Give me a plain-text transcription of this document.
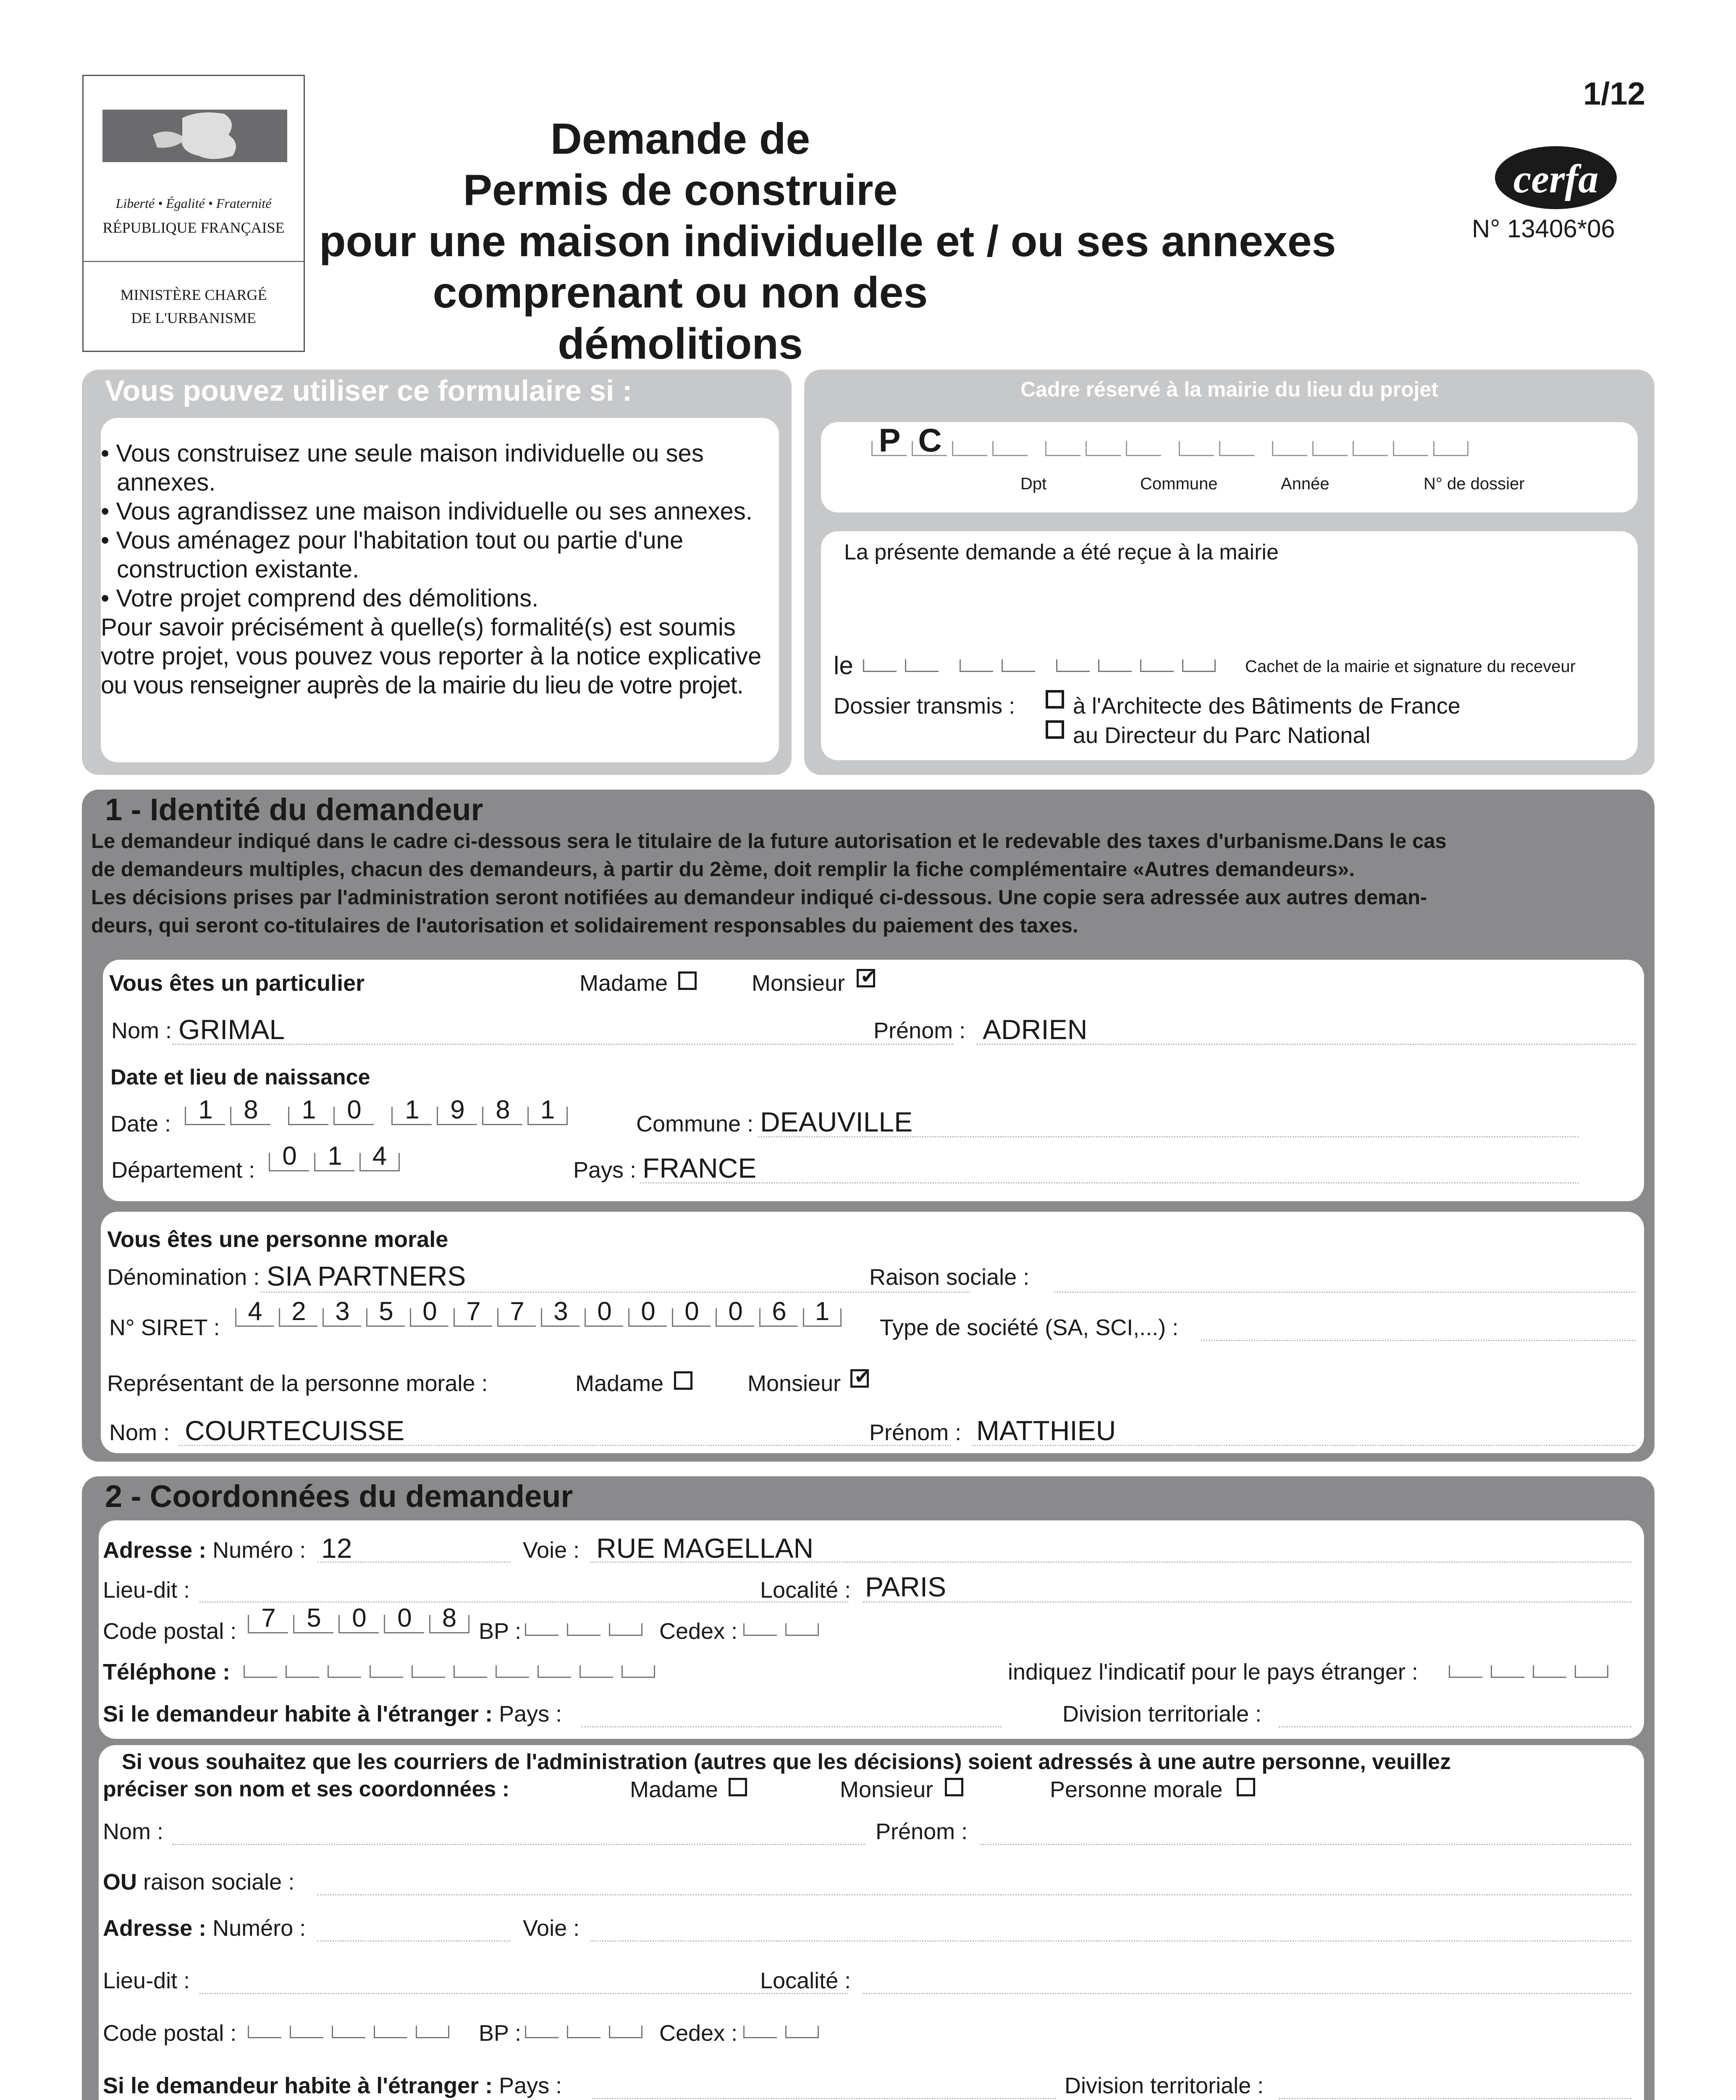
Liberté • Égalité • Fraternité
RÉPUBLIQUE FRANÇAISE
MINISTÈRE CHARGÉ
DE L'URBANISME
1/12
Demande de
Permis de construire
pour une maison individuelle et / ou ses annexes
comprenant ou non des démolitions
cerfa
N° 13406*06
Vous pouvez utiliser ce formulaire si :
• Vous construisez une seule maison individuelle ou ses
annexes.
• Vous agrandissez une maison individuelle ou ses annexes.
• Vous aménagez pour l'habitation tout ou partie d'une
construction existante.
• Votre projet comprend des démolitions.
Pour savoir précisément à quelle(s) formalité(s) est soumis
votre projet, vous pouvez vous reporter à la notice explicative
ou vous renseigner auprès de la mairie du lieu de votre projet.
Cadre réservé à la mairie du lieu du projet
P C
Dpt	Commune	Année	N° de dossier
La présente demande a été reçue à la mairie
le	Cachet de la mairie et signature du receveur
Dossier transmis :	à l'Architecte des Bâtiments de France
au Directeur du Parc National
1 - Identité du demandeur
Le demandeur indiqué dans le cadre ci-dessous sera le titulaire de la future autorisation et le redevable des taxes d'urbanisme.Dans le cas
de demandeurs multiples, chacun des demandeurs, à partir du 2ème, doit remplir la fiche complémentaire «Autres demandeurs».
Les décisions prises par l'administration seront notifiées au demandeur indiqué ci-dessous. Une copie sera adressée aux autres deman-
deurs, qui seront co-titulaires de l'autorisation et solidairement responsables du paiement des taxes.
Vous êtes un particulier	Madame	Monsieur ✔
Nom : GRIMAL	Prénom : ADRIEN
Date et lieu de naissance
Date :	1	8	1	0	1	9	8	1	Commune : DEAUVILLE
Département :	0	1	4	Pays : FRANCE
Vous êtes une personne morale
Dénomination : SIA PARTNERS	Raison sociale :
N° SIRET :
4	2	3	5	0	7	7	3	0	0	0	0	6	1
Type de société (SA, SCI,...) :
Représentant de la personne morale :	Madame	Monsieur ✔
Nom : COURTECUISSE	Prénom : MATTHIEU
2 - Coordonnées du demandeur
Adresse : Numéro : 12	Voie : RUE MAGELLAN
Lieu-dit :	Localité : PARIS
Code postal : 7	5	0	0	8 BP :	Cedex :
Téléphone :	indiquez l'indicatif pour le pays étranger :
Si le demandeur habite à l'étranger : Pays :	Division territoriale :
Si vous souhaitez que les courriers de l'administration (autres que les décisions) soient adressés à une autre personne, veuillez
préciser son nom et ses coordonnées :	Madame	Monsieur	Personne morale
Nom :	Prénom :
OU raison sociale :
Adresse : Numéro :	Voie :
Lieu-dit :	Localité :
Code postal :	BP :	Cedex :
Si le demandeur habite à l'étranger : Pays :	Division territoriale :
